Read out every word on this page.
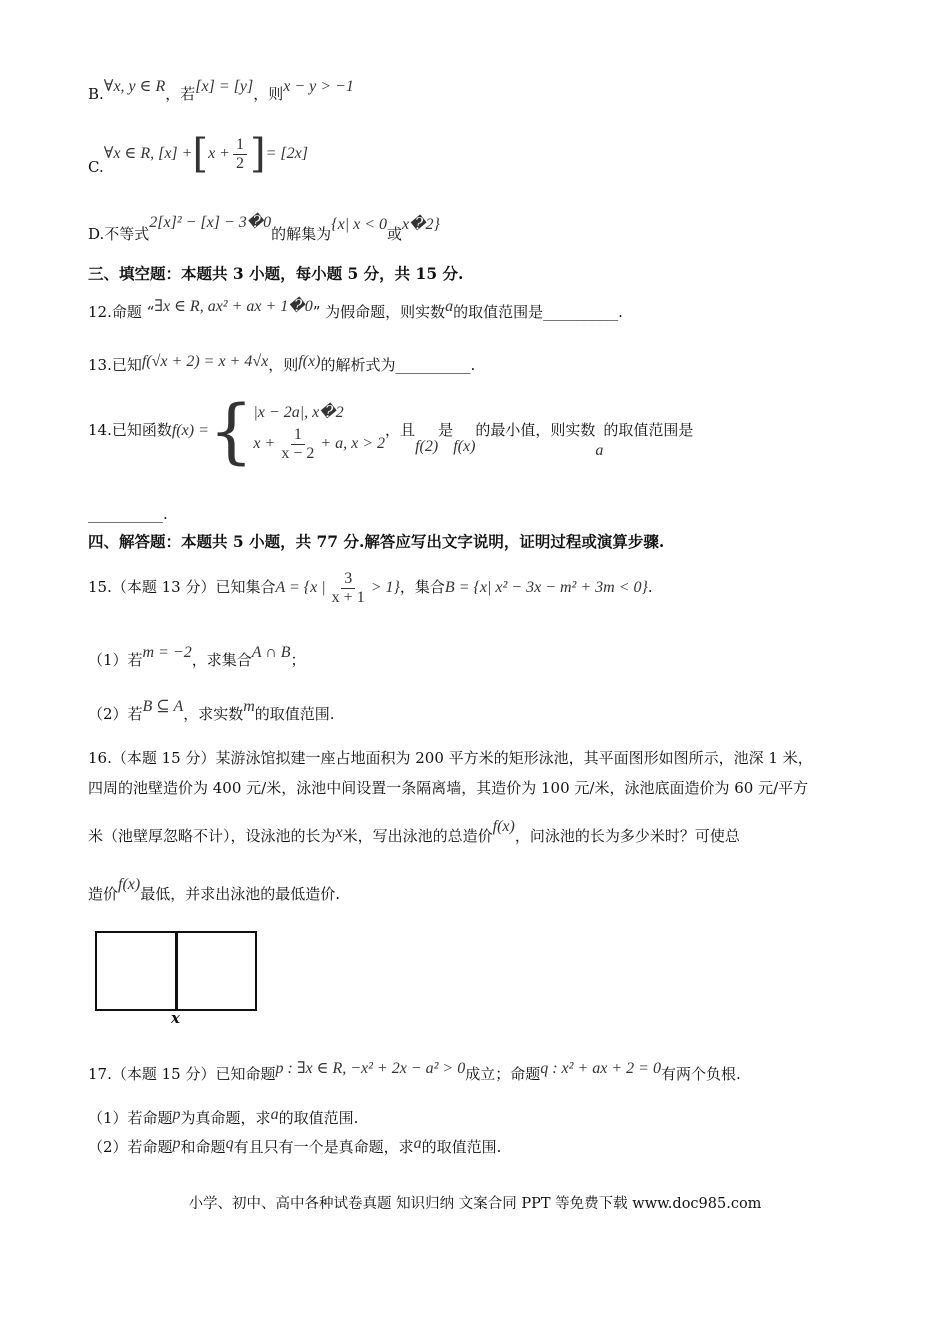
B.∀x, y ∈ R，若[x] = [y]，则x − y > −1
C.∀x ∈ R, $[x] +[x + \frac{1}{2}$ ]= [2x]
D.不等式2[x]² − [x] − 3�0的解集为{x| x < 0或x�2}
三、填空题：本题共 3 小题，每小题 5 分，共 15 分.
12.命题 “∃x ∈ R, ax² + ax + 1�0” 为假命题，则实数a的取值范围是__________.
13.已知f(√x + 2) = x + 4√x，则f(x)的解析式为__________.
14.已知函数f(x) ={ |x − 2a|, x�2
$x + \frac{1}{x - 2} + a$, x > 2
，且f(2)是f(x)的最小值，则实数a的取值范围是
__________.
四、解答题：本题共 5 小题，共 77 分.解答应写出文字说明，证明过程或演算步骤.
15.（本题 13 分）已知集合A = {x | $\frac{3}{x + 1} > 1$}，集合B = {x| x² − 3x − m² + 3m < 0}.
（1）若m = −2，求集合A ∩ B；
（2）若B ⊆ A，求实数m的取值范围.
16.（本题 15 分）某游泳馆拟建一座占地面积为 200 平方米的矩形泳池，其平面图形如图所示，池深 1 米，
四周的池壁造价为 400 元/米，泳池中间设置一条隔离墙，其造价为 100 元/米，泳池底面造价为 60 元/平方
米（池壁厚忽略不计），设泳池的长为x米，写出泳池的总造价f(x)，问泳池的长为多少米时？可使总
造价f(x)最低，并求出泳池的最低造价.
x
17.（本题 15 分）已知命题p : ∃x ∈ R, −x² + 2x − a² > 0成立；命题q : x² + ax + 2 = 0有两个负根.
（1）若命题p为真命题，求a的取值范围.
（2）若命题p和命题q有且只有一个是真命题，求a的取值范围.
小学、初中、高中各种试卷真题 知识归纳 文案合同 PPT 等免费下载 www.doc985.com
